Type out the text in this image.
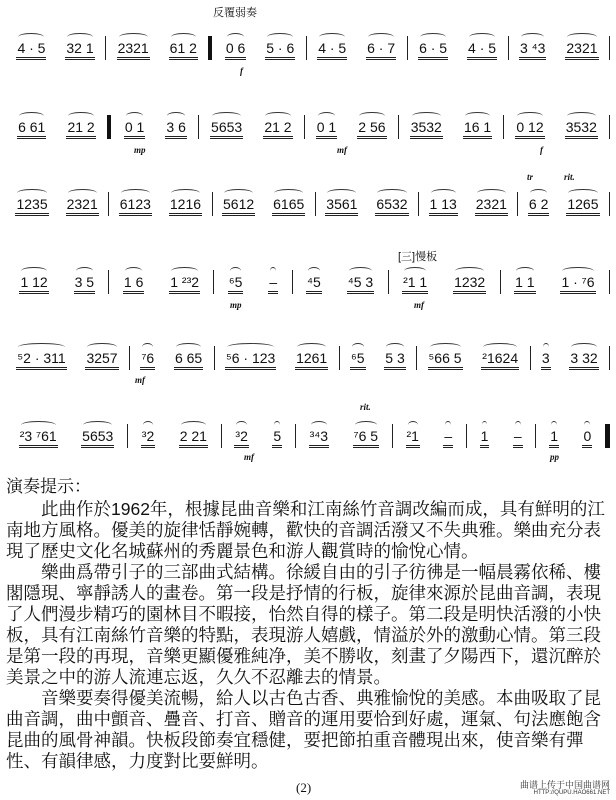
反覆弱奏
[三]慢板
4 · 5 32 1 2321 61 2 0 6 5 · 6 4 · 5 6 · 7 6 · 5 4 · 5 3 ⁴3 2321
6 61 21 2 0 1 3 6 5653 21 2 0 1 2 56 3532 16 1 0 12 3532
1235 2321 6123 1216 5612 6165 3561 6532 1 13 2321 6 2 1265
1 12 3 5 1 6 1 ²³2 ⁶5 – ⁴5 ⁴5 3 ²1 1 1232 1 1 1 · ⁷6
⁵2 · 311 3257 ⁷6 6 65 ⁵6 · 123 1261 ⁶5 5 3 ⁵66 5 ²1624 3 3 32
²3 ⁷61 5653 ³2 2 21 ³2 5 ³⁴3 ⁷6 5 ²1 – 1 – 1 0
f
mp	mf	f
mp	mf
mf
mf	pp
tr	rit.
rit.
演奏提示：

此曲作於1962年，根據昆曲音樂和江南絲竹音調改編而成，具有鮮明的江南地方風格。優美的旋律恬靜婉轉，歡快的音調活潑又不失典雅。樂曲充分表現了歷史文化名城蘇州的秀麗景色和游人觀賞時的愉悅心情。

樂曲爲帶引子的三部曲式結構。徐緩自由的引子彷彿是一幅晨霧依稀、樓閣隱現、寧靜誘人的畫卷。第一段是抒情的行板，旋律來源於昆曲音調，表現了人們漫步精巧的園林目不暇接，怡然自得的樣子。第二段是明快活潑的小快板，具有江南絲竹音樂的特點，表現游人嬉戲，情溢於外的激動心情。第三段是第一段的再現，音樂更顯優雅純净，美不勝收，刻畫了夕陽西下，還沉醉於美景之中的游人流連忘返，久久不忍離去的情景。

音樂要奏得優美流暢，給人以古色古香、典雅愉悅的美感。本曲吸取了昆曲音調，曲中顫音、疊音、打音、贈音的運用要恰到好處，運氣、句法應飽含昆曲的風骨神韻。快板段節奏宜穩健，要把節拍重音體現出來，使音樂有彈性、有韻律感，力度對比要鮮明。

(2)	曲谱上传于中国曲谱网
HTTP://QUPU.HAO661.NET
